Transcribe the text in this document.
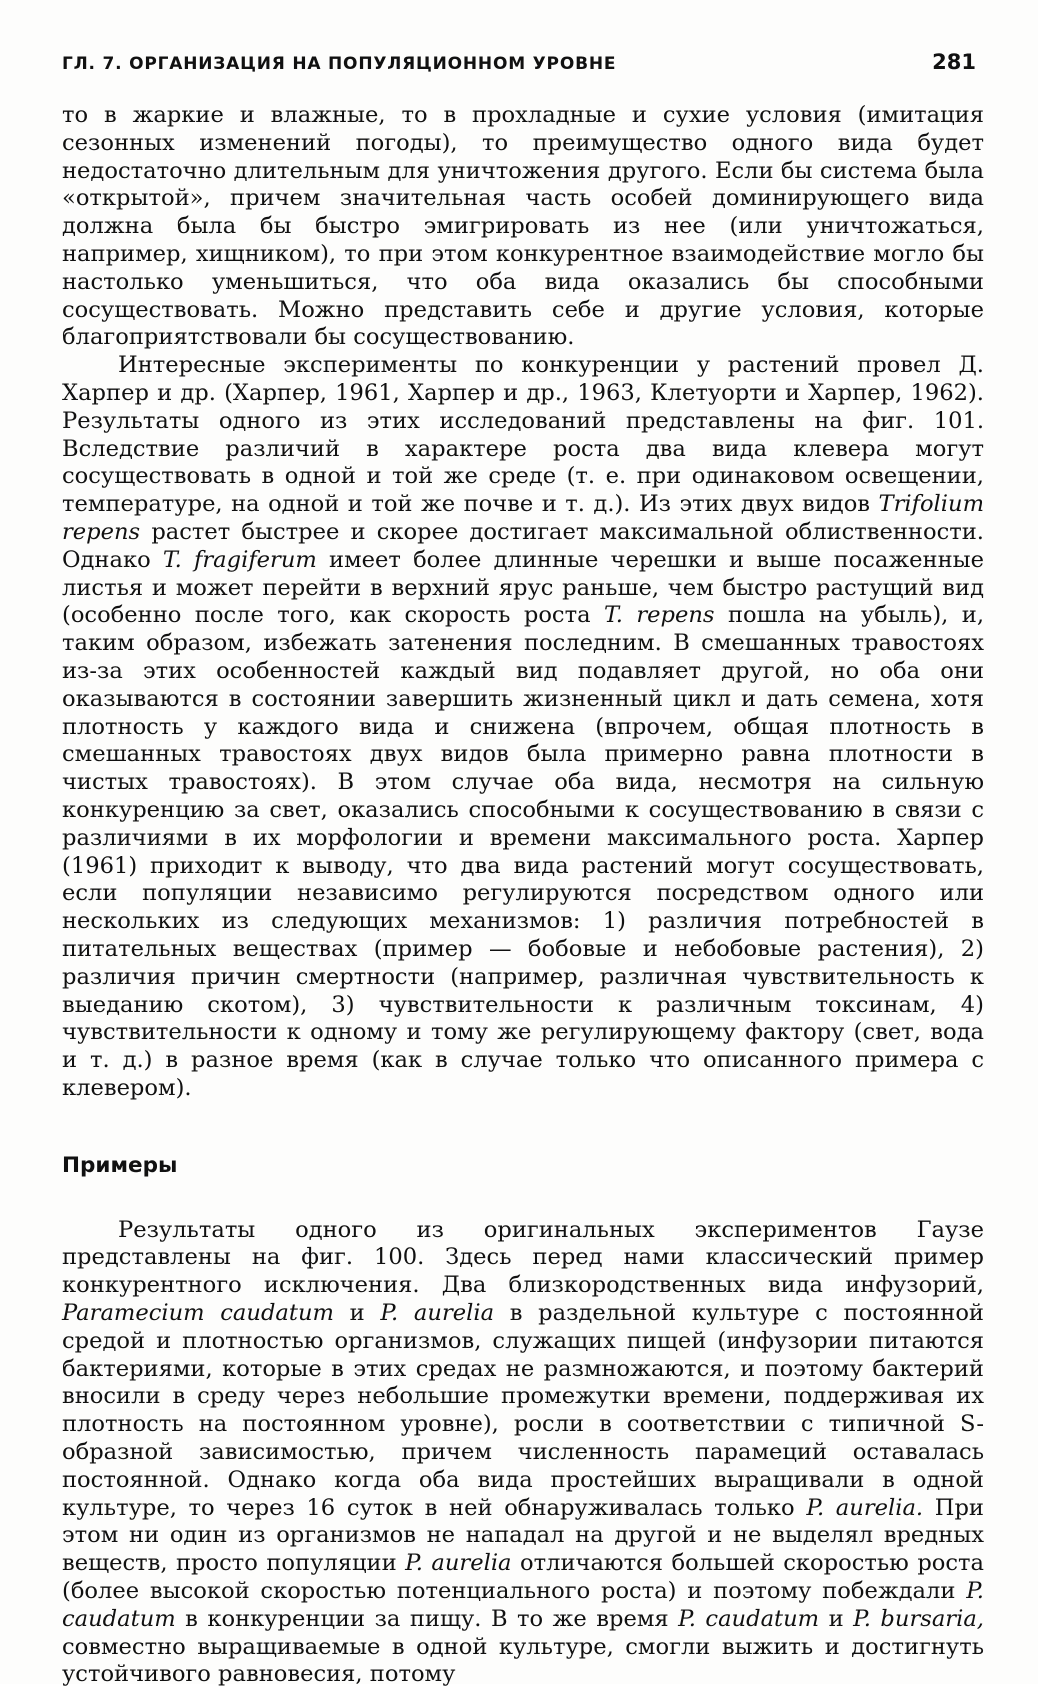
ГЛ. 7. ОРГАНИЗАЦИЯ НА ПОПУЛЯЦИОННОМ УРОВНЕ	281

то в жаркие и влажные, то в прохладные и сухие условия (имитация сезонных изменений погоды), то преимущество одного вида будет недостаточно длительным для уничтожения другого. Если бы система была «открытой», причем значительная часть особей доминирующего вида должна была бы быстро эмигрировать из нее (или уничтожаться, например, хищником), то при этом конкурентное взаимодействие могло бы настолько уменьшиться, что оба вида оказались бы способными сосуществовать. Можно представить себе и другие условия, которые благоприятствовали бы сосуществованию.

Интересные эксперименты по конкуренции у растений провел Д. Харпер и др. (Харпер, 1961, Харпер и др., 1963, Клетуорти и Харпер, 1962). Результаты одного из этих исследований представлены на фиг. 101. Вследствие различий в характере роста два вида клевера могут сосуществовать в одной и той же среде (т. е. при одинаковом освещении, температуре, на одной и той же почве и т. д.). Из этих двух видов Trifolium repens растет быстрее и скорее достигает максимальной облиственности. Однако T. fragiferum имеет более длинные черешки и выше посаженные листья и может перейти в верхний ярус раньше, чем быстро растущий вид (особенно после того, как скорость роста T. repens пошла на убыль), и, таким образом, избежать затенения последним. В смешанных травостоях из-за этих особенностей каждый вид подавляет другой, но оба они оказываются в состоянии завершить жизненный цикл и дать семена, хотя плотность у каждого вида и снижена (впрочем, общая плотность в смешанных травостоях двух видов была примерно равна плотности в чистых травостоях). В этом случае оба вида, несмотря на сильную конкуренцию за свет, оказались способными к сосуществованию в связи с различиями в их морфологии и времени максимального роста. Харпер (1961) приходит к выводу, что два вида растений могут сосуществовать, если популяции независимо регулируются посредством одного или нескольких из следующих механизмов: 1) различия потребностей в питательных веществах (пример — бобовые и небобовые растения), 2) различия причин смертности (например, различная чувствительность к выеданию скотом), 3) чувствительности к различным токсинам, 4) чувствительности к одному и тому же регулирующему фактору (свет, вода и т. д.) в разное время (как в случае только что описанного примера с клевером).

Примеры

Результаты одного из оригинальных экспериментов Гаузе представлены на фиг. 100. Здесь перед нами классический пример конкурентного исключения. Два близкородственных вида инфузорий, Paramecium caudatum и P. aurelia в раздельной культуре с постоянной средой и плотностью организмов, служащих пищей (инфузории питаются бактериями, которые в этих средах не размножаются, и поэтому бактерий вносили в среду через небольшие промежутки времени, поддерживая их плотность на постоянном уровне), росли в соответствии с типичной S-образной зависимостью, причем численность парамеций оставалась постоянной. Однако когда оба вида простейших выращивали в одной культуре, то через 16 суток в ней обнаруживалась только P. aurelia. При этом ни один из организмов не нападал на другой и не выделял вредных веществ, просто популяции P. aurelia отличаются большей скоростью роста (более высокой скоростью потенциального роста) и поэтому побеждали P. caudatum в конкуренции за пищу. В то же время P. caudatum и P. bursaria, совместно выращиваемые в одной культуре, смогли выжить и достигнуть устойчивого равновесия, потому
